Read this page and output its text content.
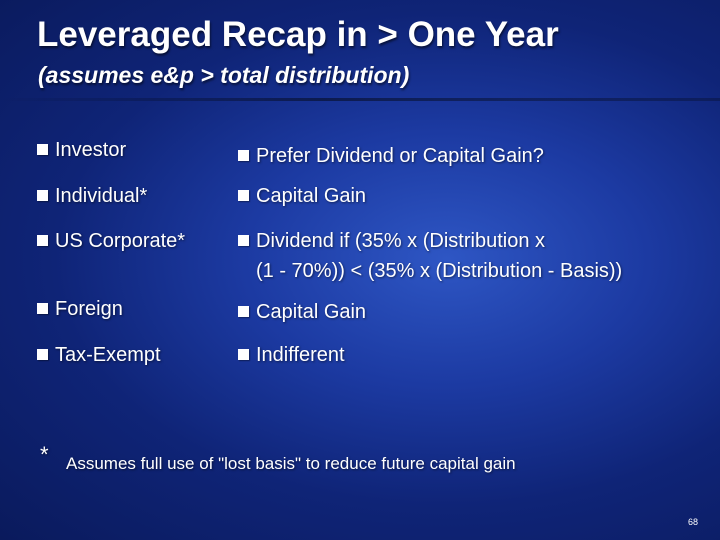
Leveraged Recap in > One Year
(assumes e&p > total distribution)
Investor	Prefer Dividend or Capital Gain?
Individual*	Capital Gain
US Corporate*	Dividend if (35% x (Distribution x
(1 - 70%)) < (35% x (Distribution - Basis))
Foreign	Capital Gain
Tax-Exempt	Indifferent
*	Assumes full use of "lost basis" to reduce future capital gain
68
